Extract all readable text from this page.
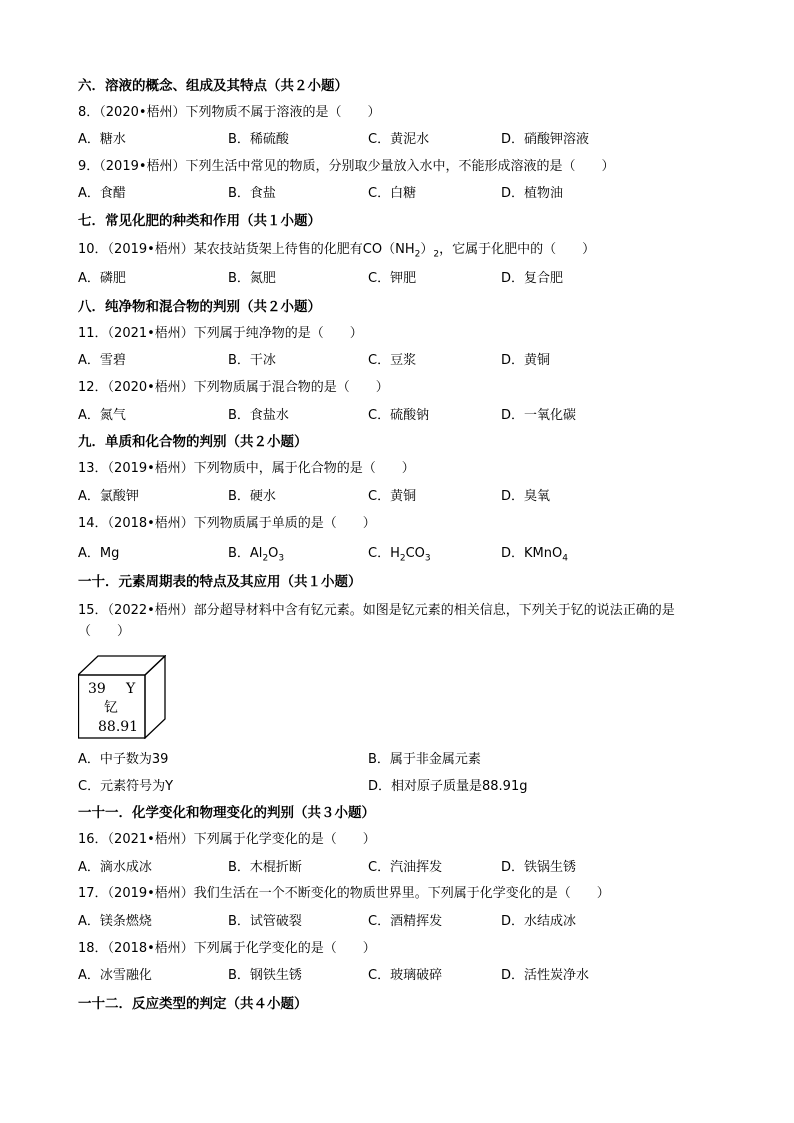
六．溶液的概念、组成及其特点（共２小题）
8．（2020•梧州）下列物质不属于溶液的是（　　）
A．糖水	B．稀硫酸	C．黄泥水	D．硝酸钾溶液
9．（2019•梧州）下列生活中常见的物质，分别取少量放入水中，不能形成溶液的是（　　）
A．食醋	B．食盐	C．白糖	D．植物油
七．常见化肥的种类和作用（共１小题）
10．（2019•梧州）某农技站货架上待售的化肥有$CO(NH_2)_2$，它属于化肥中的（　　）
A．磷肥	B．氮肥	C．钾肥	D．复合肥
八．纯净物和混合物的判别（共２小题）
11．（2021•梧州）下列属于纯净物的是（　　）
A．雪碧	B．干冰	C．豆浆	D．黄铜
12．（2020•梧州）下列物质属于混合物的是（　　）
A．氮气	B．食盐水	C．硫酸钠	D．一氧化碳
九．单质和化合物的判别（共２小题）
13．（2019•梧州）下列物质中，属于化合物的是（　　）
A．氯酸钾	B．硬水	C．黄铜	D．臭氧
14．（2018•梧州）下列物质属于单质的是（　　）
A．Mg	B．$Al_2O_3$	C．$H_2CO_3$	D．KMnO$_4$
一十．元素周期表的特点及其应用（共１小题）
15．（2022•梧州）部分超导材料中含有钇元素。如图是钇元素的相关信息，下列关于钇的说法正确的是（　　）
39 Y
钇
88.91
A．中子数为39	B．属于非金属元素
C．元素符号为Y	D．相对原子质量是88.91g
一十一．化学变化和物理变化的判别（共３小题）
16．（2021•梧州）下列属于化学变化的是（　　）
A．滴水成冰	B．木棍折断	C．汽油挥发	D．铁锅生锈
17．（2019•梧州）我们生活在一个不断变化的物质世界里。下列属于化学变化的是（　　）
A．镁条燃烧	B．试管破裂	C．酒精挥发	D．水结成冰
18．（2018•梧州）下列属于化学变化的是（　　）
A．冰雪融化	B．钢铁生锈	C．玻璃破碎	D．活性炭净水
一十二．反应类型的判定（共４小题）
